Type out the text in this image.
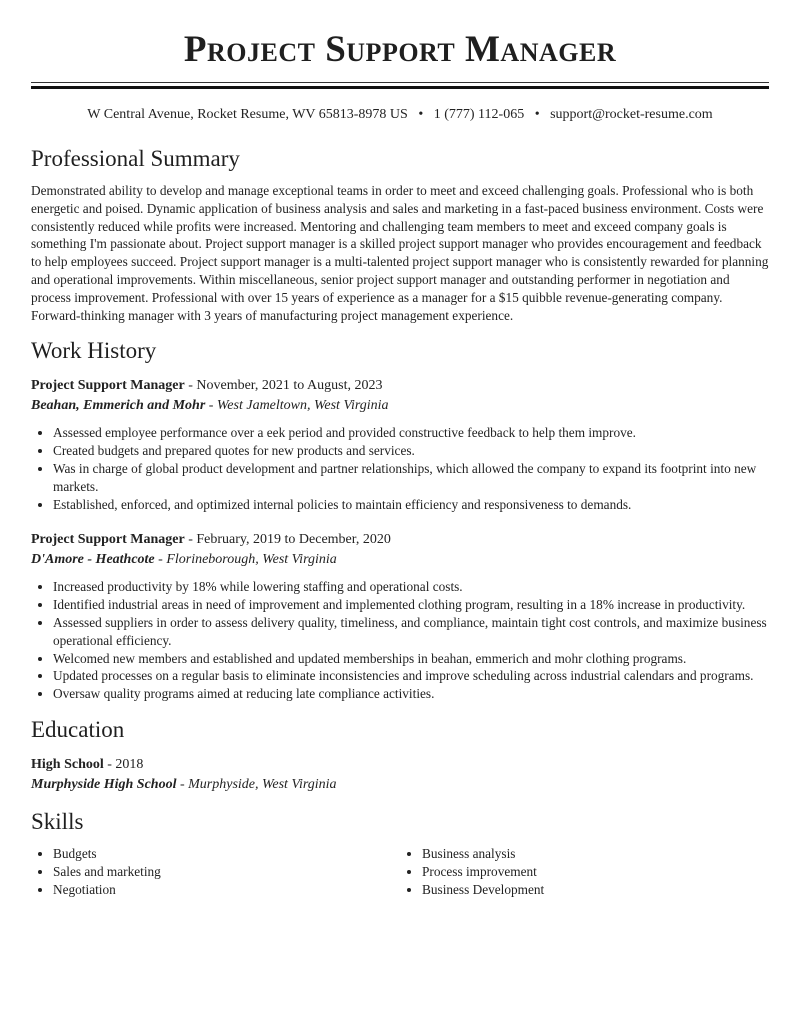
Project Support Manager
W Central Avenue, Rocket Resume, WV 65813-8978 US • 1 (777) 112-065 • support@rocket-resume.com
Professional Summary

Demonstrated ability to develop and manage exceptional teams in order to meet and exceed challenging goals. Professional who is both energetic and poised. Dynamic application of business analysis and sales and marketing in a fast-paced business environment. Costs were consistently reduced while profits were increased. Mentoring and challenging team members to meet and exceed company goals is something I'm passionate about. Project support manager is a skilled project support manager who provides encouragement and feedback to help employees succeed. Project support manager is a multi-talented project support manager who is consistently rewarded for planning and operational improvements. Within miscellaneous, senior project support manager and outstanding performer in negotiation and process improvement. Professional with over 15 years of experience as a manager for a $15 quibble revenue-generating company. Forward-thinking manager with 3 years of manufacturing project management experience.

Work History
Project Support Manager - November, 2021 to August, 2023
Beahan, Emmerich and Mohr - West Jameltown, West Virginia
• Assessed employee performance over a eek period and provided constructive feedback to help them improve.
• Created budgets and prepared quotes for new products and services.
• Was in charge of global product development and partner relationships, which allowed the company to expand its footprint into new markets.
• Established, enforced, and optimized internal policies to maintain efficiency and responsiveness to demands.
Project Support Manager - February, 2019 to December, 2020
D'Amore - Heathcote - Florineborough, West Virginia
• Increased productivity by 18% while lowering staffing and operational costs.
• Identified industrial areas in need of improvement and implemented clothing program, resulting in a 18% increase in productivity.
• Assessed suppliers in order to assess delivery quality, timeliness, and compliance, maintain tight cost controls, and maximize business operational efficiency.
• Welcomed new members and established and updated memberships in beahan, emmerich and mohr clothing programs.
• Updated processes on a regular basis to eliminate inconsistencies and improve scheduling across industrial calendars and programs.
• Oversaw quality programs aimed at reducing late compliance activities.
Education
High School - 2018
Murphyside High School - Murphyside, West Virginia
Skills
• Budgets
• Sales and marketing
• Negotiation
• Business analysis
• Process improvement
• Business Development
